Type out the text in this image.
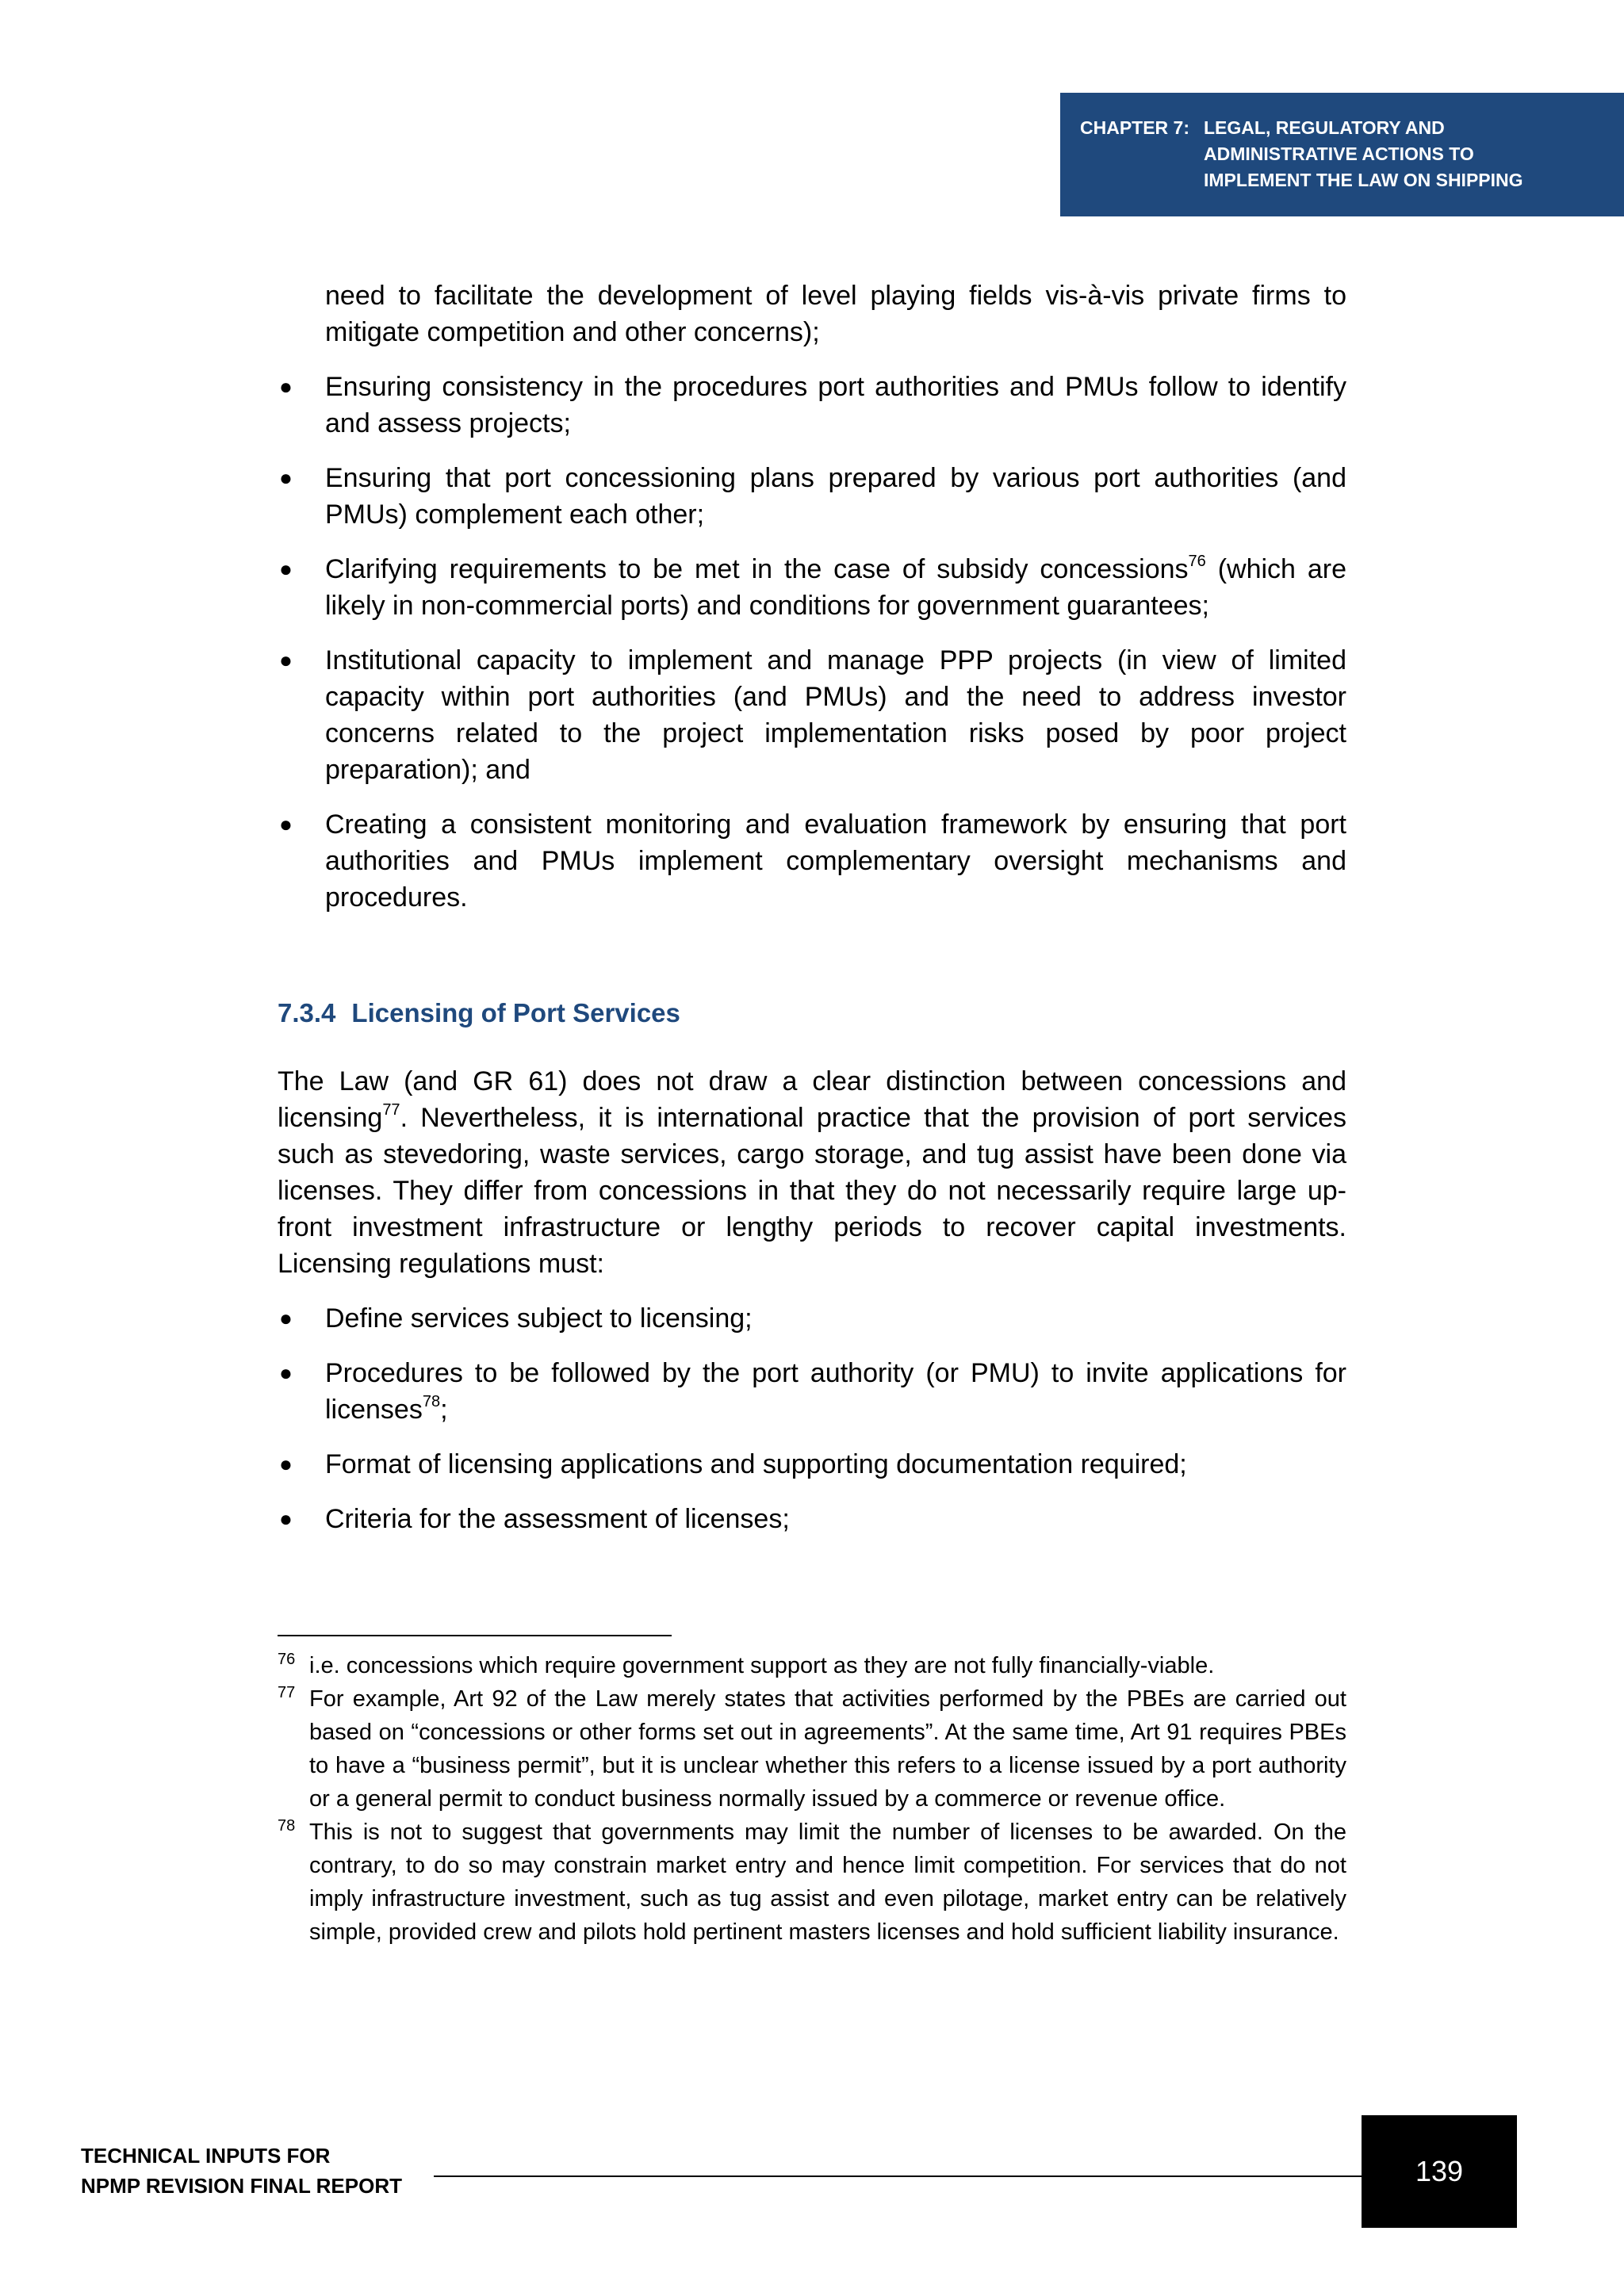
CHAPTER 7: LEGAL, REGULATORY AND
ADMINISTRATIVE ACTIONS TO
IMPLEMENT THE LAW ON SHIPPING

need to facilitate the development of level playing fields vis-à-vis private firms to mitigate competition and other concerns);

● Ensuring consistency in the procedures port authorities and PMUs follow to identify and assess projects;

● Ensuring that port concessioning plans prepared by various port authorities (and PMUs) complement each other;

● Clarifying requirements to be met in the case of subsidy concessions$^{76}$ (which are likely in non-commercial ports) and conditions for government guarantees;

● Institutional capacity to implement and manage PPP projects (in view of limited capacity within port authorities (and PMUs) and the need to address investor concerns related to the project implementation risks posed by poor project preparation); and

● Creating a consistent monitoring and evaluation framework by ensuring that port authorities and PMUs implement complementary oversight mechanisms and procedures.

7.3.4 Licensing of Port Services

The Law (and GR 61) does not draw a clear distinction between concessions and licensing$^{77}$. Nevertheless, it is international practice that the provision of port services such as stevedoring, waste services, cargo storage, and tug assist have been done via licenses. They differ from concessions in that they do not necessarily require large up-front investment infrastructure or lengthy periods to recover capital investments. Licensing regulations must:

● Define services subject to licensing;

● Procedures to be followed by the port authority (or PMU) to invite applications for licenses$^{78}$;

● Format of licensing applications and supporting documentation required;

● Criteria for the assessment of licenses;

76 i.e. concessions which require government support as they are not fully financially-viable.
77 For example, Art 92 of the Law merely states that activities performed by the PBEs are carried out based on “concessions or other forms set out in agreements”. At the same time, Art 91 requires PBEs to have a “business permit”, but it is unclear whether this refers to a license issued by a port authority or a general permit to conduct business normally issued by a commerce or revenue office.
78 This is not to suggest that governments may limit the number of licenses to be awarded. On the contrary, to do so may constrain market entry and hence limit competition. For services that do not imply infrastructure investment, such as tug assist and even pilotage, market entry can be relatively simple, provided crew and pilots hold pertinent masters licenses and hold sufficient liability insurance.
TECHNICAL INPUTS FOR
NPMP REVISION FINAL REPORT	139
